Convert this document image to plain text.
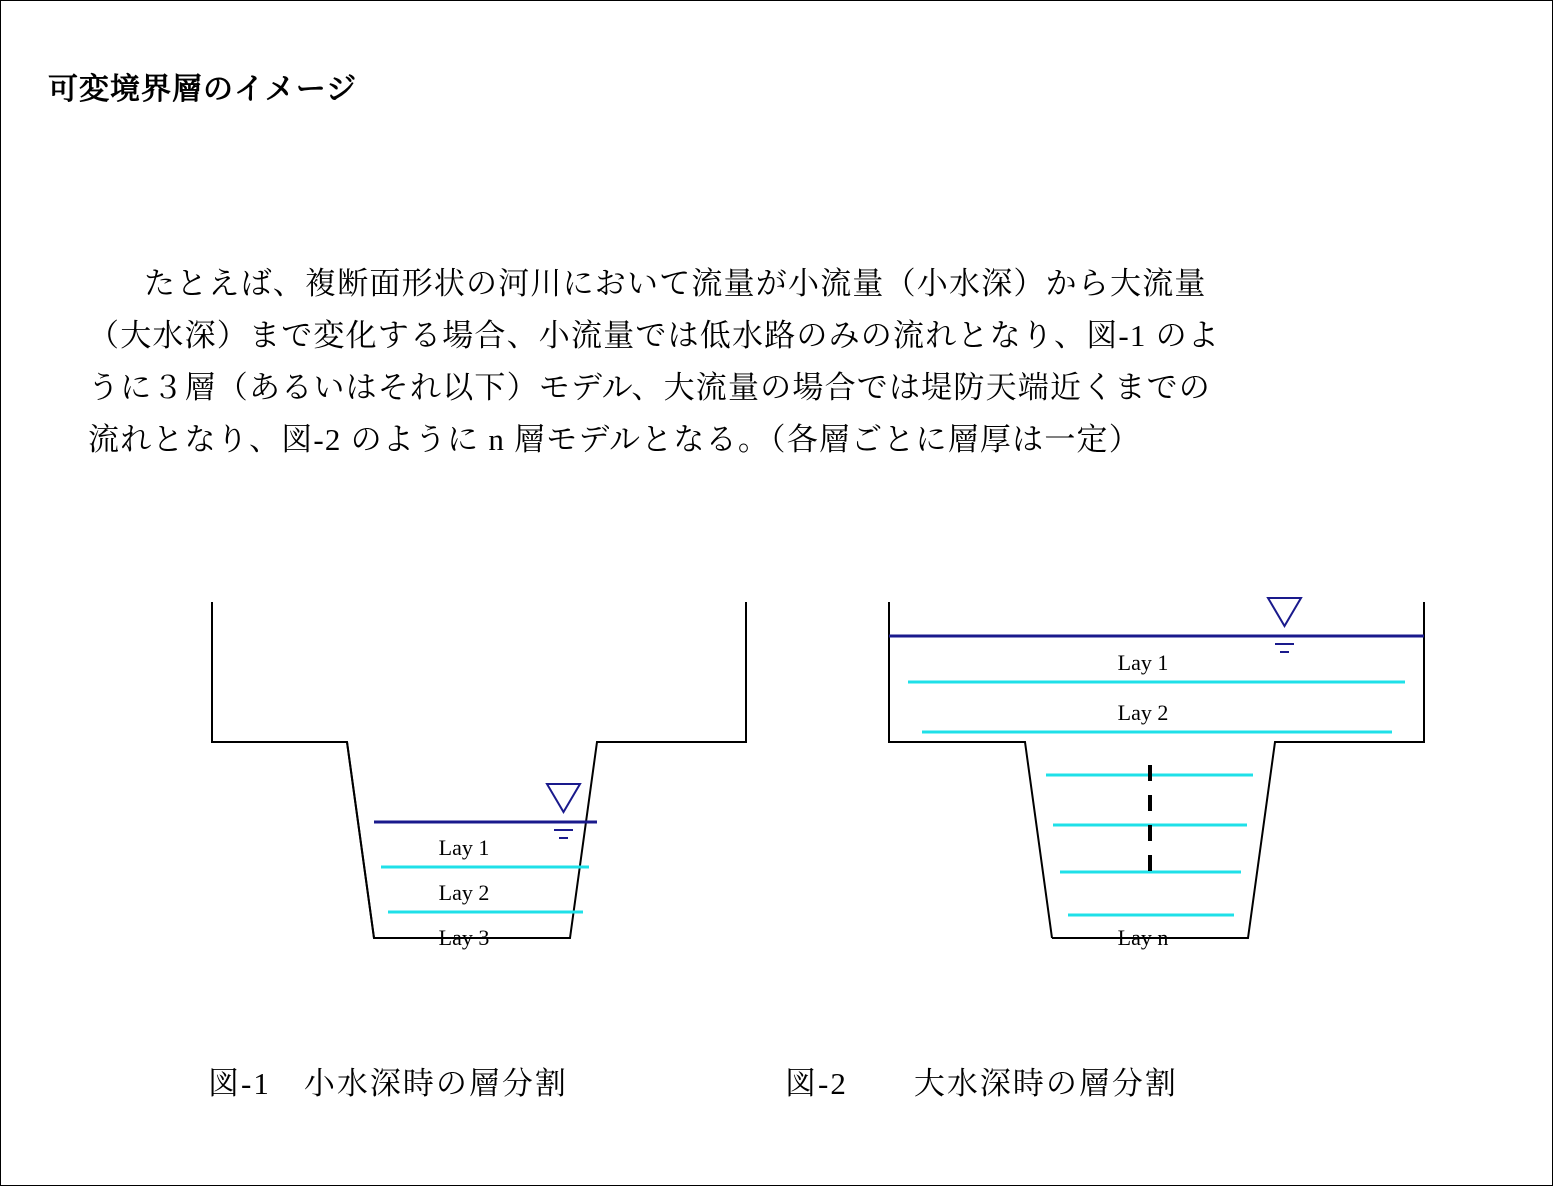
可変境界層のイメージ

たとえば、複断面形状の河川において流量が小流量（小水深）から大流量

（大水深）まで変化する場合、小流量では低水路のみの流れとなり、図-1 のよ

うに３層（あるいはそれ以下）モデル、大流量の場合では堤防天端近くまでの

流れとなり、図-2 のように n 層モデルとなる。（各層ごとに層厚は一定）

Lay 1
Lay 2
Lay 3
Lay 1
Lay 2
Lay n
図-1　小水深時の層分割	図-2　　大水深時の層分割
